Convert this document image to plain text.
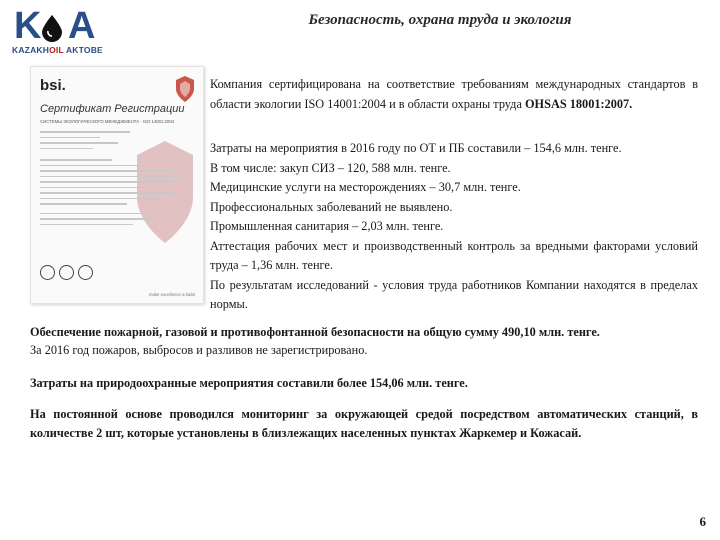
K A
KAZAKHOIL AKTOBE
Безопасность, охрана труда и экология
bsi.
Сертификат Регистрации
СИСТЕМЫ ЭКОЛОГИЧЕСКОГО МЕНЕДЖМЕНТА · ISO 14001:2004
make excellence a habit

Компания сертифицирована на соответствие требованиям международных стандартов в области экологии ISO 14001:2004 и в области охраны труда OHSAS 18001:2007.

Затраты на мероприятия в 2016 году по ОТ и ПБ составили – 154,6 млн. тенге.

В том числе: закуп СИЗ – 120, 588 млн. тенге.

Медицинские услуги на месторождениях – 30,7 млн. тенге.

Профессиональных заболеваний не выявлено.

Промышленная санитария – 2,03 млн. тенге.

Аттестация рабочих мест и производственный контроль за вредными факторами условий труда – 1,36 млн. тенге.

По результатам исследований - условия труда работников Компании находятся в пределах нормы.

Обеспечение пожарной, газовой и противофонтанной безопасности на общую сумму 490,10 млн. тенге.

За 2016 год пожаров, выбросов и разливов не зарегистрировано.

Затраты на природоохранные мероприятия составили более 154,06 млн. тенге.

На постоянной основе проводился мониторинг за окружающей средой посредством автоматических станций, в количестве 2 шт, которые установлены в близлежащих населенных пунктах Жаркемер и Кожасай.

6
